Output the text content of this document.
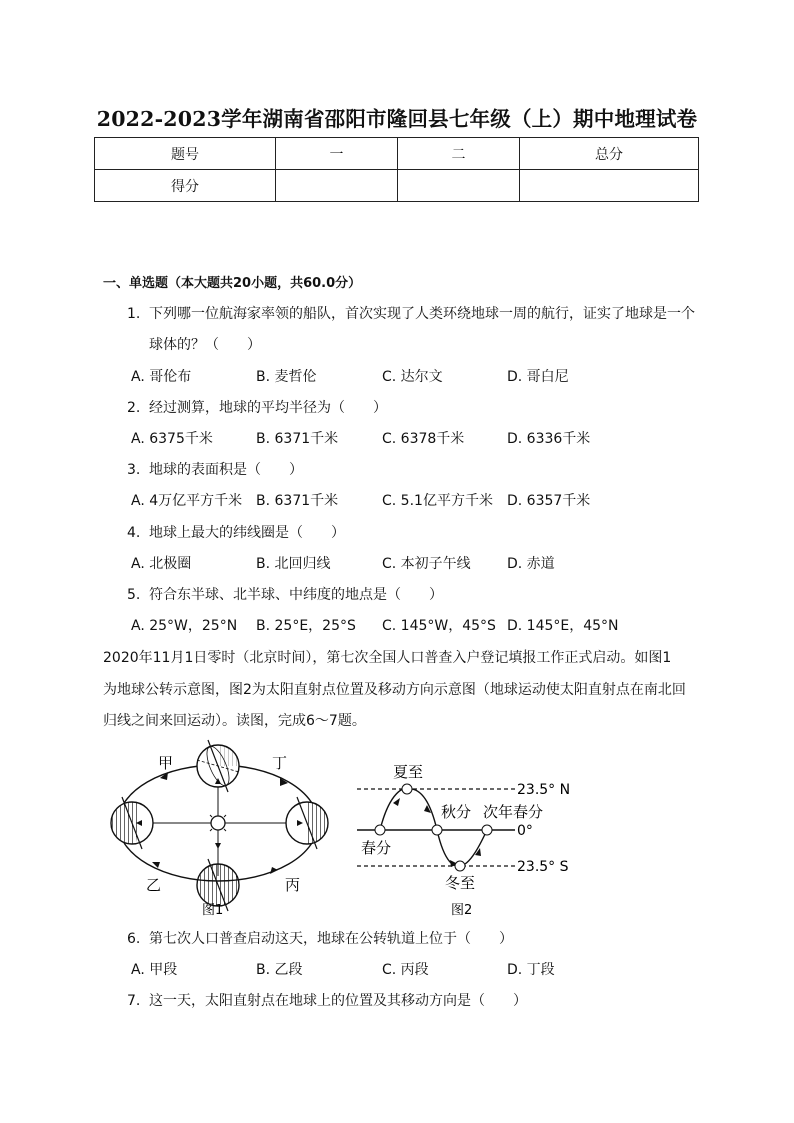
2022-2023学年湖南省邵阳市隆回县七年级（上）期中地理试卷
题号	一	二	总分
得分			
一、单选题（本大题共20小题，共60.0分）
1. 下列哪一位航海家率领的船队，首次实现了人类环绕地球一周的航行，证实了地球是一个
球体的？（　　）
A. 哥伦布	B. 麦哲伦	C. 达尔文	D. 哥白尼
2. 经过测算，地球的平均半径为（　　）
A. 6375千米	B. 6371千米	C. 6378千米	D. 6336千米
3. 地球的表面积是（　　）
A. 4万亿平方千米 B. 6371千米	C. 5.1亿平方千米 D. 6357千米
4. 地球上最大的纬线圈是（　　）
A. 北极圈	B. 北回归线	C. 本初子午线	D. 赤道
5. 符合东半球、北半球、中纬度的地点是（　　）
A. 25°W，25°N B. 25°E，25°S C. 145°W，45°S D. 145°E，45°N
2020年11月1日零时（北京时间），第七次全国人口普查入户登记填报工作正式启动。如图1
为地球公转示意图，图2为太阳直射点位置及移动方向示意图（地球运动使太阳直射点在南北回
归线之间来回运动）。读图，完成6～7题。
甲
乙	丙
丁
图1
夏至
春分
秋分
冬至
次年春分
23.5° N
0°
23.5° S
图2
6. 第七次人口普查启动这天，地球在公转轨道上位于（　　）
A. 甲段	B. 乙段	C. 丙段	D. 丁段
7. 这一天，太阳直射点在地球上的位置及其移动方向是（　　）
